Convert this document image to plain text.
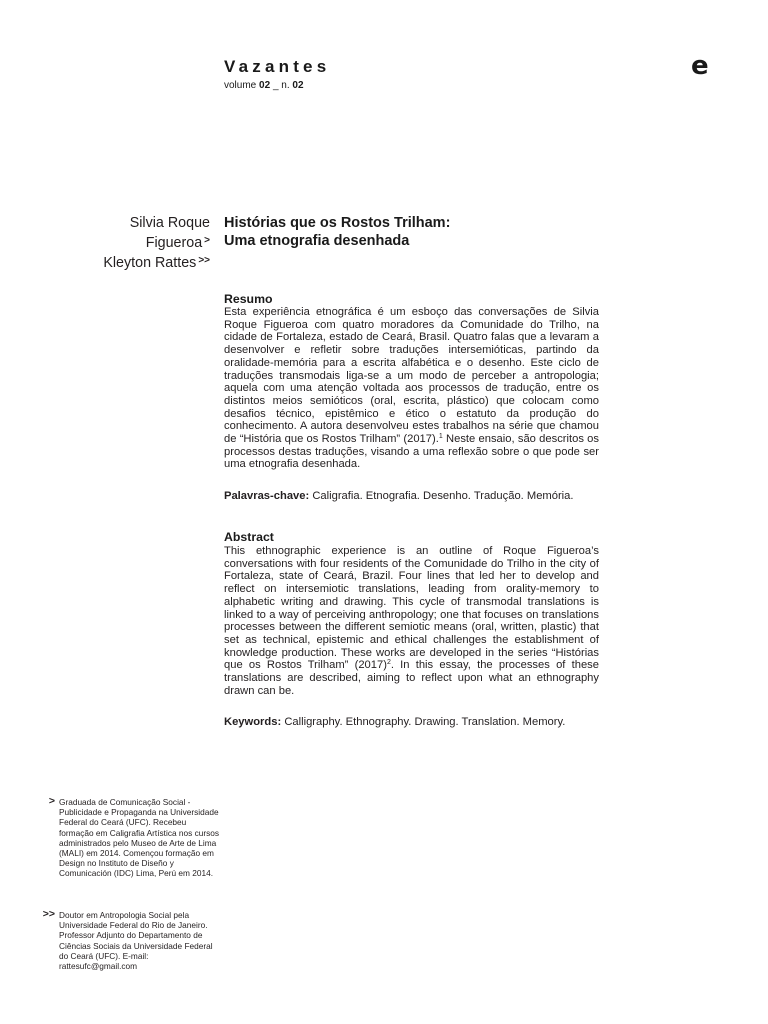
Vazantes
volume 02 _ n. 02
e
Silvia Roque
Figueroa >
Kleyton Rattes >>
Histórias que os Rostos Trilham:
Uma etnografia desenhada
Resumo
Esta experiência etnográfica é um esboço das conversações de Silvia Roque Figueroa com quatro moradores da Comunidade do Trilho, na cidade de Fortaleza, estado de Ceará, Brasil. Quatro falas que a levaram a desenvolver e refletir sobre traduções intersemióticas, partindo da oralidade-memória para a escrita alfabética e o desenho. Este ciclo de traduções transmodais liga-se a um modo de perceber a antropologia; aquela com uma atenção voltada aos processos de tradução, entre os distintos meios semióticos (oral, escrita, plástico) que colocam como desafios técnico, epistêmico e ético o estatuto da produção do conhecimento. A autora desenvolveu estes trabalhos na série que chamou de “História que os Rostos Trilham” (2017).$^1$ Neste ensaio, são descritos os processos destas traduções, visando a uma reflexão sobre o que pode ser uma etnografia desenhada.
Palavras-chave: Caligrafia. Etnografia. Desenho. Tradução. Memória.
Abstract
This ethnographic experience is an outline of Roque Figueroa’s conversations with four residents of the Comunidade do Trilho in the city of Fortaleza, state of Ceará, Brazil. Four lines that led her to develop and reflect on intersemiotic translations, leading from orality-memory to alphabetic writing and drawing. This cycle of transmodal translations is linked to a way of perceiving anthropology; one that focuses on translations processes between the different semiotic means (oral, written, plastic) that set as technical, epistemic and ethical challenges the establishment of knowledge production. These works are developed in the series “Histórias que os Rostos Trilham” $(2017)^2$. In this essay, the processes of these translations are described, aiming to reflect upon what an ethnography drawn can be.
Keywords: Calligraphy. Ethnography. Drawing. Translation. Memory.
> Graduada de Comunicação Social - Publicidade e Propaganda na Universidade Federal do Ceará (UFC). Recebeu formação em Caligrafia Artística nos cursos administrados pelo Museo de Arte de Lima (MALI) em 2014. Començou formação em Design no Instituto de Diseño y Comunicación (IDC) Lima, Perú em 2014.
>> Doutor em Antropologia Social pela Universidade Federal do Rio de Janeiro. Professor Adjunto do Departamento de Ciências Sociais da Universidade Federal do Ceará (UFC). E-mail: rattesufc@gmail.com
